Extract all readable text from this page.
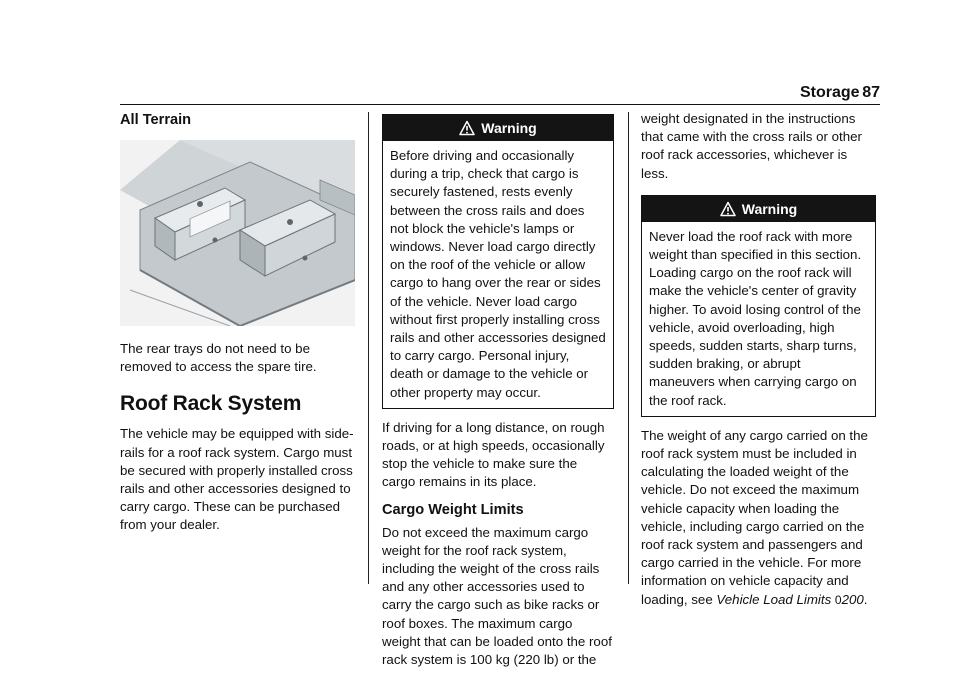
Storage 87
All Terrain

The rear trays do not need to be removed to access the spare tire.

Roof Rack System

The vehicle may be equipped with side-rails for a roof rack system. Cargo must be secured with properly installed cross rails and other accessories designed to carry cargo. These can be purchased from your dealer.

Warning

Before driving and occasionally during a trip, check that cargo is securely fastened, rests evenly between the cross rails and does not block the vehicle's lamps or windows. Never load cargo directly on the roof of the vehicle or allow cargo to hang over the rear or sides of the vehicle. Never load cargo without first properly installing cross rails and other accessories designed to carry cargo. Personal injury, death or damage to the vehicle or other property may occur.

If driving for a long distance, on rough roads, or at high speeds, occasionally stop the vehicle to make sure the cargo remains in its place.

Cargo Weight Limits

Do not exceed the maximum cargo weight for the roof rack system, including the weight of the cross rails and any other accessories used to carry the cargo such as bike racks or roof boxes. The maximum cargo weight that can be loaded onto the roof rack system is 100 kg (220 lb) or the

weight designated in the instructions that came with the cross rails or other roof rack accessories, whichever is less.

Warning

Never load the roof rack with more weight than specified in this section. Loading cargo on the roof rack will make the vehicle's center of gravity higher. To avoid losing control of the vehicle, avoid overloading, high speeds, sudden starts, sharp turns, sudden braking, or abrupt maneuvers when carrying cargo on the roof rack.

The weight of any cargo carried on the roof rack system must be included in calculating the loaded weight of the vehicle. Do not exceed the maximum vehicle capacity when loading the vehicle, including cargo carried on the roof rack system and passengers and cargo carried in the vehicle. For more information on vehicle capacity and loading, see Vehicle Load Limits 0200.
